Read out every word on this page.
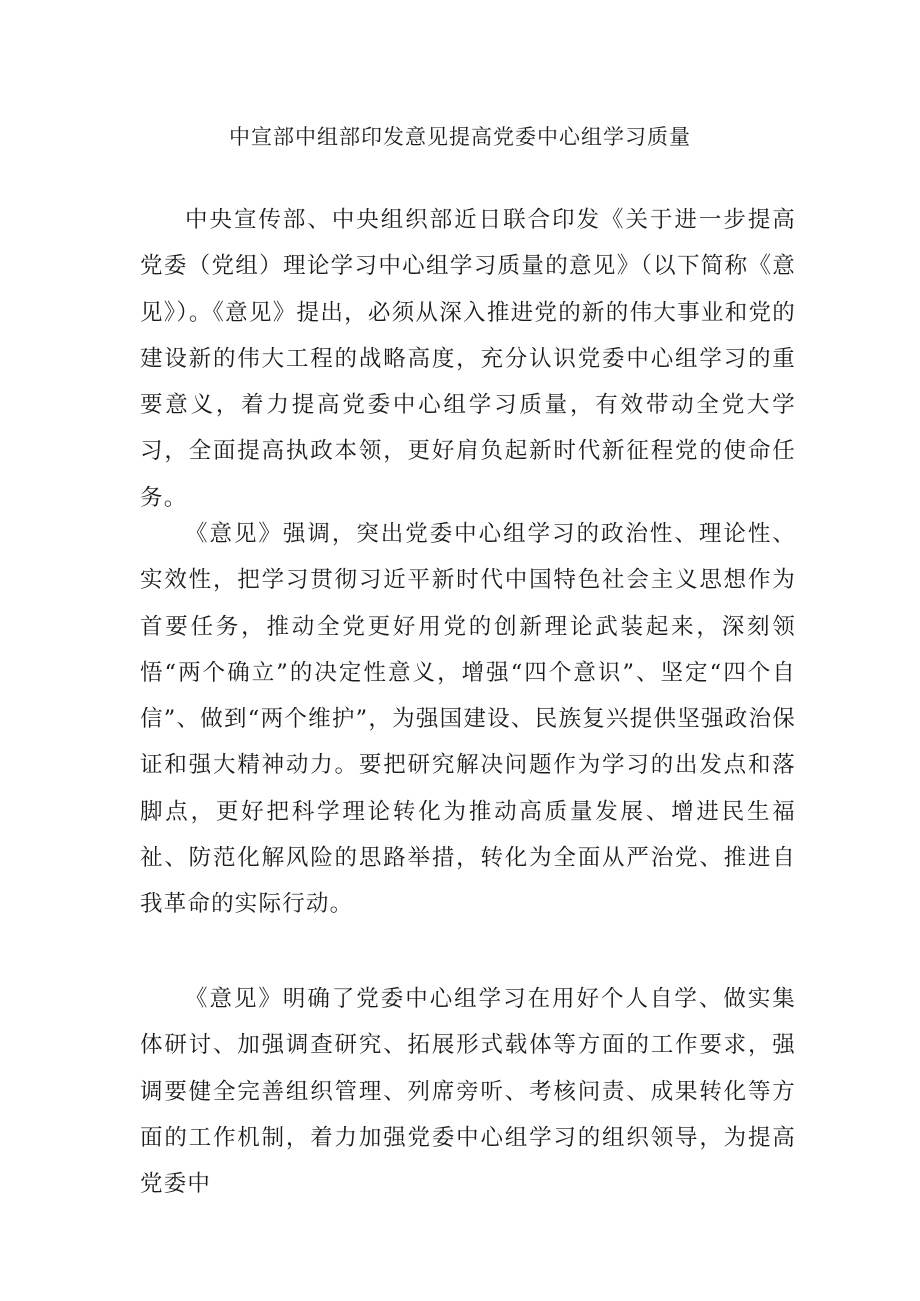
中宣部中组部印发意见提高党委中心组学习质量

中央宣传部、中央组织部近日联合印发《关于进一步提高党委（党组）理论学习中心组学习质量的意见》（以下简称《意见》）。《意见》提出，必须从深入推进党的新的伟大事业和党的建设新的伟大工程的战略高度，充分认识党委中心组学习的重要意义，着力提高党委中心组学习质量，有效带动全党大学习，全面提高执政本领，更好肩负起新时代新征程党的使命任务。

《意见》强调，突出党委中心组学习的政治性、理论性、实效性，把学习贯彻习近平新时代中国特色社会主义思想作为首要任务，推动全党更好用党的创新理论武装起来，深刻领悟“两个确立”的决定性意义，增强“四个意识”、坚定“四个自信”、做到“两个维护”，为强国建设、民族复兴提供坚强政治保证和强大精神动力。要把研究解决问题作为学习的出发点和落脚点，更好把科学理论转化为推动高质量发展、增进民生福祉、防范化解风险的思路举措，转化为全面从严治党、推进自我革命的实际行动。

《意见》明确了党委中心组学习在用好个人自学、做实集体研讨、加强调查研究、拓展形式载体等方面的工作要求，强调要健全完善组织管理、列席旁听、考核问责、成果转化等方面的工作机制，着力加强党委中心组学习的组织领导，为提高党委中
